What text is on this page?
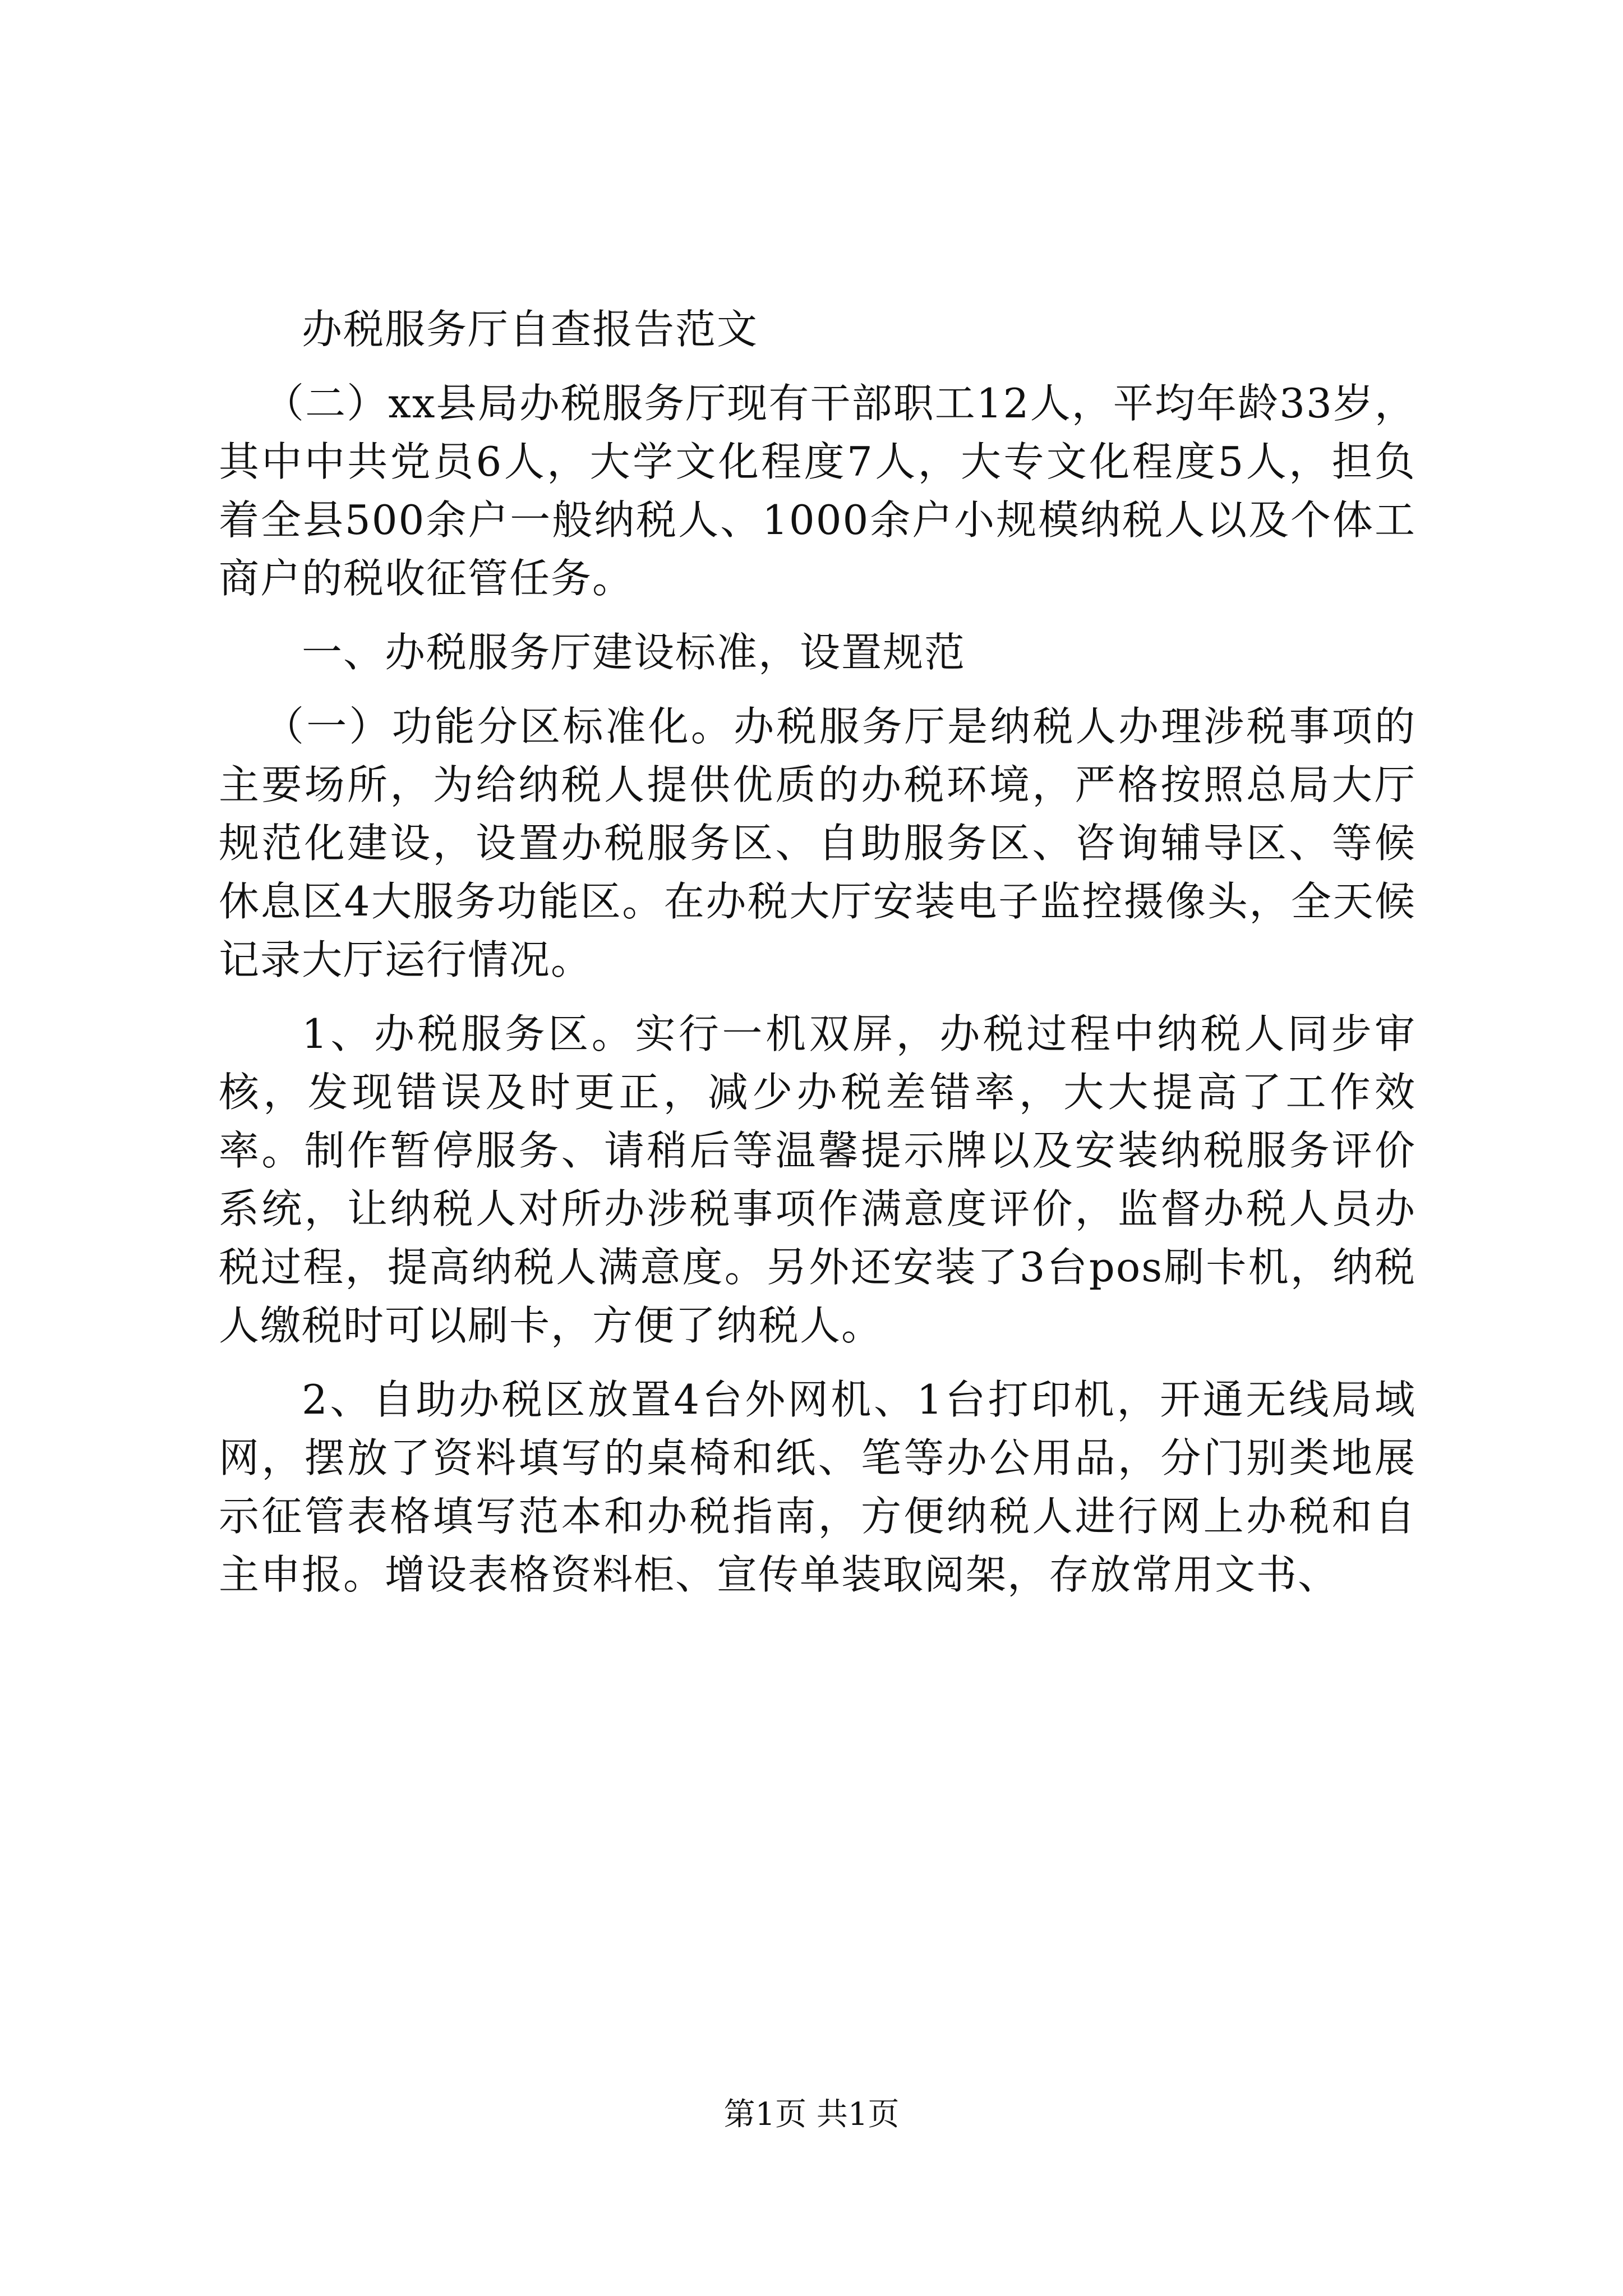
办税服务厅自查报告范文

（二）xx县局办税服务厅现有干部职工12人，平均年龄33岁，其中中共党员6人，大学文化程度7人，大专文化程度5人，担负着全县500余户一般纳税人、1000余户小规模纳税人以及个体工商户的税收征管任务。

一、办税服务厅建设标准，设置规范

（一）功能分区标准化。办税服务厅是纳税人办理涉税事项的主要场所，为给纳税人提供优质的办税环境，严格按照总局大厅规范化建设，设置办税服务区、自助服务区、咨询辅导区、等候休息区4大服务功能区。在办税大厅安装电子监控摄像头，全天候记录大厅运行情况。

1、办税服务区。实行一机双屏，办税过程中纳税人同步审核，发现错误及时更正，减少办税差错率，大大提高了工作效率。制作暂停服务、请稍后等温馨提示牌以及安装纳税服务评价系统，让纳税人对所办涉税事项作满意度评价，监督办税人员办税过程，提高纳税人满意度。另外还安装了3台pos刷卡机，纳税人缴税时可以刷卡，方便了纳税人。

2、自助办税区放置4台外网机、1台打印机，开通无线局域网，摆放了资料填写的桌椅和纸、笔等办公用品，分门别类地展示征管表格填写范本和办税指南，方便纳税人进行网上办税和自主申报。增设表格资料柜、宣传单装取阅架，存放常用文书、

第1页 共1页
